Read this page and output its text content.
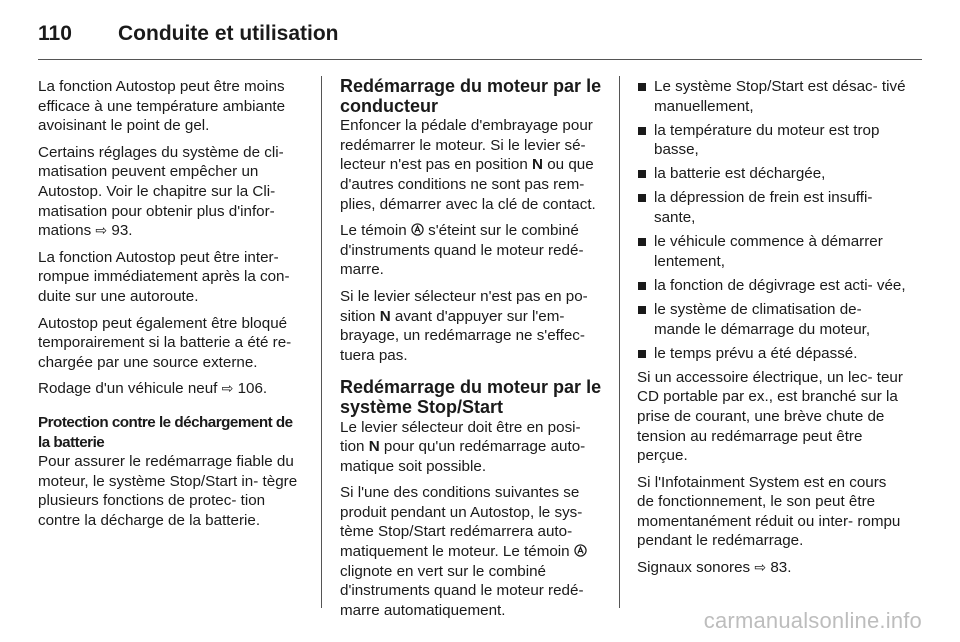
110	Conduite et utilisation

La fonction Autostop peut être moins efficace à une température ambiante avoisinant le point de gel.

Certains réglages du système de cli- matisation peuvent empêcher un Autostop. Voir le chapitre sur la Cli- matisation pour obtenir plus d'infor- mations ⇨ 93.

La fonction Autostop peut être inter- rompue immédiatement après la con- duite sur une autoroute.

Autostop peut également être bloqué temporairement si la batterie a été re- chargée par une source externe.

Rodage d'un véhicule neuf ⇨ 106.

Protection contre le déchargement de la batterie

Pour assurer le redémarrage fiable du moteur, le système Stop/Start in- tègre plusieurs fonctions de protec- tion contre la décharge de la batterie.

Redémarrage du moteur par le conducteur

Enfoncer la pédale d'embrayage pour redémarrer le moteur. Si le levier sé- lecteur n'est pas en position N ou que d'autres conditions ne sont pas rem- plies, démarrer avec la clé de contact.

Le témoin  s'éteint sur le combiné d'instruments quand le moteur redé- marre.

Si le levier sélecteur n'est pas en po- sition N avant d'appuyer sur l'em- brayage, un redémarrage ne s'effec- tuera pas.

Redémarrage du moteur par le système Stop/Start

Le levier sélecteur doit être en posi- tion N pour qu'un redémarrage auto- matique soit possible.

Si l'une des conditions suivantes se produit pendant un Autostop, le sys- tème Stop/Start redémarrera auto- matiquement le moteur. Le témoin  clignote en vert sur le combiné d'instruments quand le moteur redé- marre automatiquement.

Le système Stop/Start est désac- tivé manuellement,
la température du moteur est trop basse,
la batterie est déchargée,
la dépression de frein est insuffi- sante,
le véhicule commence à démarrer lentement,
la fonction de dégivrage est acti- vée,
le système de climatisation de- mande le démarrage du moteur,
le temps prévu a été dépassé.

Si un accessoire électrique, un lec- teur CD portable par ex., est branché sur la prise de courant, une brève chute de tension au redémarrage peut être perçue.

Si l'Infotainment System est en cours de fonctionnement, le son peut être momentanément réduit ou inter- rompu pendant le redémarrage.

Signaux sonores ⇨ 83.

carmanualsonline.info
